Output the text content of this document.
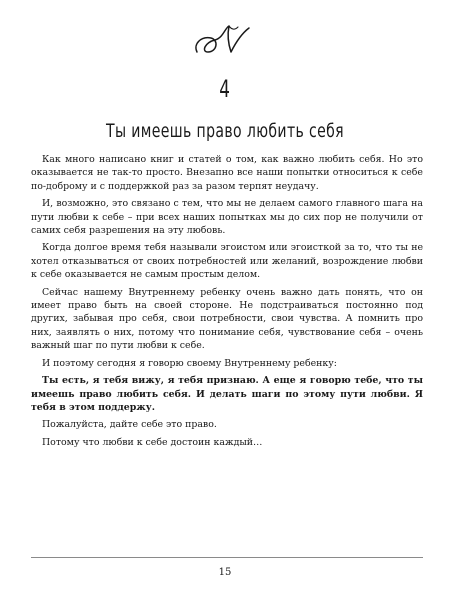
4
Ты имеешь право любить себя

Как много написано книг и статей о том, как важно любить себя. Но это оказывается не так-то просто. Внезапно все наши попытки относиться к себе по-доброму и с поддержкой раз за разом терпят неудачу.

И, возможно, это связано с тем, что мы не делаем самого главного шага на пути любви к себе – при всех наших попытках мы до сих пор не получили от самих себя разрешения на эту любовь.

Когда долгое время тебя называли эгоистом или эгоисткой за то, что ты не хотел отказываться от своих потребностей или желаний, возрождение любви к себе оказывается не самым простым делом.

Сейчас нашему Внутреннему ребенку очень важно дать понять, что он имеет право быть на своей стороне. Не подстраиваться постоянно под других, забывая про себя, свои потребности, свои чувства. А помнить про них, заявлять о них, потому что понимание себя, чувствование себя – очень важный шаг по пути любви к себе.

И поэтому сегодня я говорю своему Внутреннему ребенку:

Ты есть, я тебя вижу, я тебя признаю. А еще я говорю тебе, что ты имеешь право любить себя. И делать шаги по этому пути любви. Я тебя в этом поддержу.

Пожалуйста, дайте себе это право.

Потому что любви к себе достоин каждый…

15
